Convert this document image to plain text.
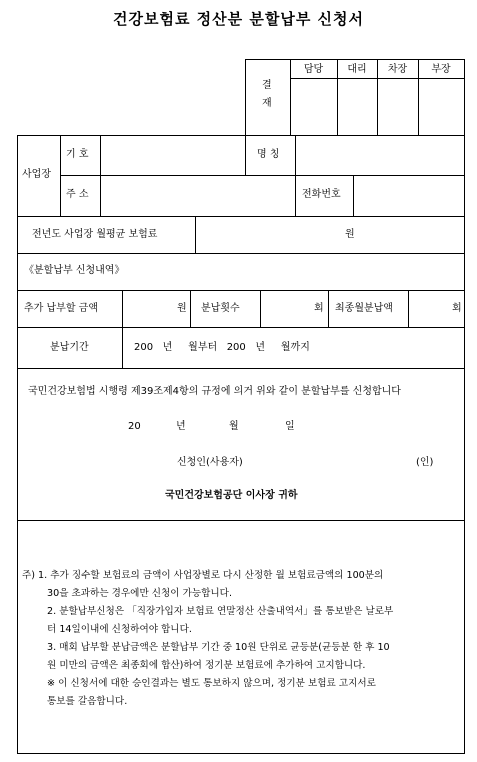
건강보험료 정산분 분할납부 신청서
결
재
담당	대리	차장	부장
사업장
기 호	명 칭
주 소	전화번호
전년도 사업장 월평균 보험료	원
《분할납부 신청내역》
추가 납부할 금액	원 분납횟수	회 최종월분납액	회
분납기간	200   년     월부터   200   년     월까지
국민건강보험법 시행령 제39조제4항의 규정에 의거 위와 같이 분할납부를 신청합니다
20	년	월	일
신청인(사용자)	(인)
국민건강보험공단 이사장 귀하
주) 1. 추가 징수할 보험료의 금액이 사업장별로 다시 산정한 월 보험료금액의 100분의
30을 초과하는 경우에만 신청이 가능합니다.
2. 분할납부신청은 「직장가입자 보험료 연말정산 산출내역서」를 통보받은 날로부
터 14일이내에 신청하여야 합니다.
3. 매회 납부할 분납금액은 분할납부 기간 중 10원 단위로 균등분(균등분 한 후 10
원 미만의 금액은 최종회에 합산)하여 정기분 보험료에 추가하여 고지합니다.
※ 이 신청서에 대한 승인결과는 별도 통보하지 않으며, 정기분 보험료 고지서로
통보를 갈음합니다.
